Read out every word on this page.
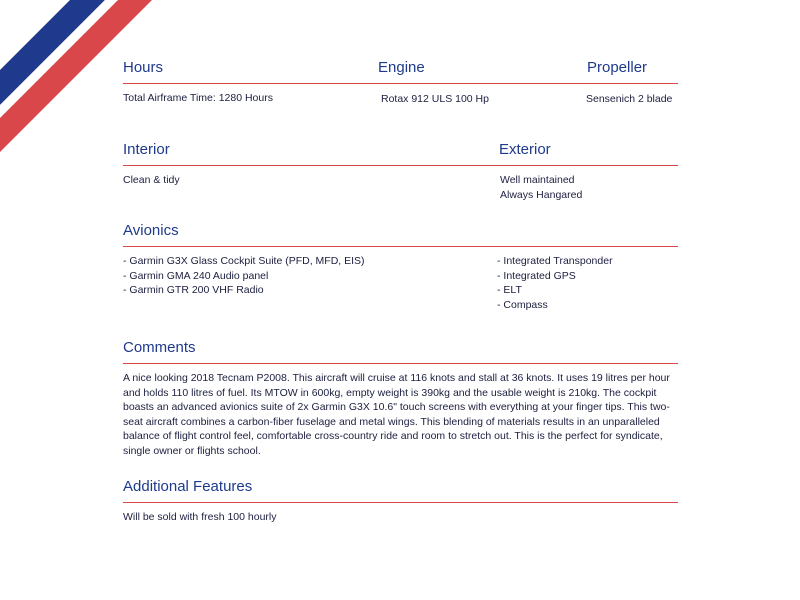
Hours	Engine	Propeller
Total Airframe Time: 1280 Hours	Rotax 912 ULS 100 Hp	Sensenich 2 blade
Interior	Exterior
Clean & tidy	Well maintained
Always Hangared
Avionics
- Garmin G3X Glass Cockpit Suite (PFD, MFD, EIS)
- Garmin GMA 240 Audio panel
- Garmin GTR 200 VHF Radio
- Integrated Transponder
- Integrated GPS
- ELT
- Compass
Comments
A nice looking 2018 Tecnam P2008. This aircraft will cruise at 116 knots and stall at 36 knots. It uses 19 litres per hour and holds 110 litres of fuel. Its MTOW in 600kg, empty weight is 390kg and the usable weight is 210kg. The cockpit boasts an advanced avionics suite of 2x Garmin G3X 10.6" touch screens with everything at your finger tips. This two-seat aircraft combines a carbon-fiber fuselage and metal wings. This blending of materials results in an unparalleled balance of flight control feel, comfortable cross-country ride and room to stretch out. This is the perfect for syndicate, single owner or flights school.
Additional Features
Will be sold with fresh 100 hourly
